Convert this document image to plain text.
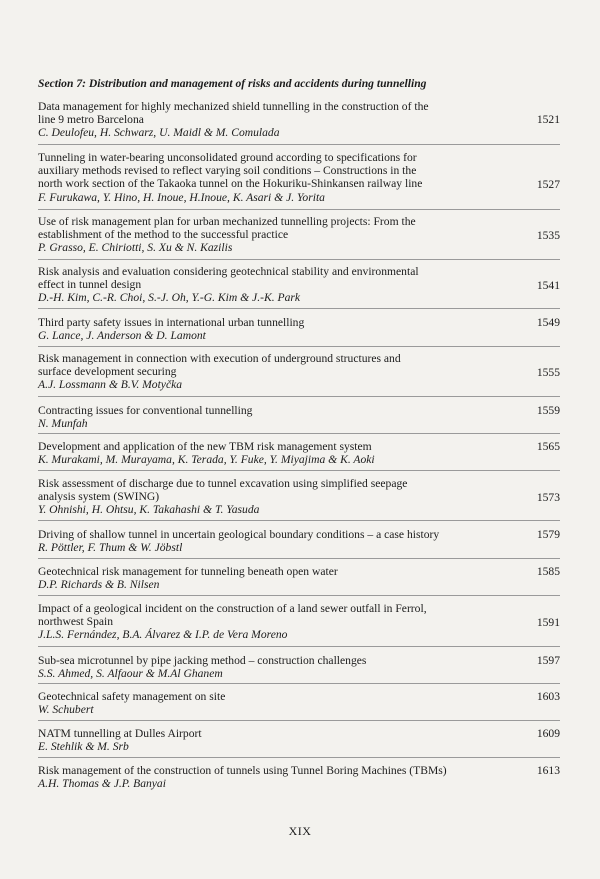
Section 7: Distribution and management of risks and accidents during tunnelling
Data management for highly mechanized shield tunnelling in the construction of the
line 9 metro Barcelona
C. Deulofeu, H. Schwarz, U. Maidl & M. Comulada
1521
Tunneling in water-bearing unconsolidated ground according to specifications for
auxiliary methods revised to reflect varying soil conditions – Constructions in the
north work section of the Takaoka tunnel on the Hokuriku-Shinkansen railway line
F. Furukawa, Y. Hino, H. Inoue, H.Inoue, K. Asari & J. Yorita
1527
Use of risk management plan for urban mechanized tunnelling projects: From the
establishment of the method to the successful practice
P. Grasso, E. Chiriotti, S. Xu & N. Kazilis
1535
Risk analysis and evaluation considering geotechnical stability and environmental
effect in tunnel design
D.-H. Kim, C.-R. Choi, S.-J. Oh, Y.-G. Kim & J.-K. Park
1541
Third party safety issues in international urban tunnelling
G. Lance, J. Anderson & D. Lamont
1549
Risk management in connection with execution of underground structures and
surface development securing
A.J. Lossmann & B.V. Motyčka
1555
Contracting issues for conventional tunnelling
N. Munfah
1559
Development and application of the new TBM risk management system
K. Murakami, M. Murayama, K. Terada, Y. Fuke, Y. Miyajima & K. Aoki
1565
Risk assessment of discharge due to tunnel excavation using simplified seepage
analysis system (SWING)
Y. Ohnishi, H. Ohtsu, K. Takahashi & T. Yasuda
1573
Driving of shallow tunnel in uncertain geological boundary conditions – a case history
R. Pöttler, F. Thum & W. Jöbstl
1579
Geotechnical risk management for tunneling beneath open water
D.P. Richards & B. Nilsen
1585
Impact of a geological incident on the construction of a land sewer outfall in Ferrol,
northwest Spain
J.L.S. Fernández, B.A. Álvarez & I.P. de Vera Moreno
1591
Sub-sea microtunnel by pipe jacking method – construction challenges
S.S. Ahmed, S. Alfaour & M.Al Ghanem
1597
Geotechnical safety management on site
W. Schubert
1603
NATM tunnelling at Dulles Airport
E. Stehlik & M. Srb
1609
Risk management of the construction of tunnels using Tunnel Boring Machines (TBMs)
A.H. Thomas & J.P. Banyai
1613
XIX
